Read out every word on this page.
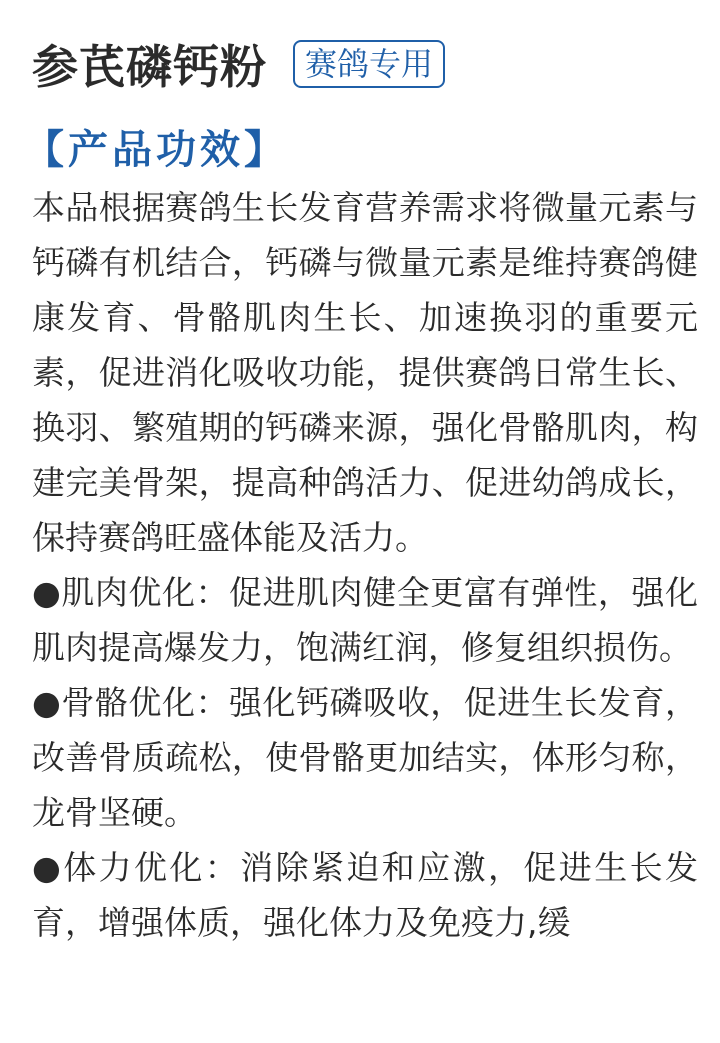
参芪磷钙粉	赛鸽专用
【产品功效】

本品根据赛鸽生长发育营养需求将微量元素与钙磷有机结合，钙磷与微量元素是维持赛鸽健康发育、骨骼肌肉生长、加速换羽的重要元素，促进消化吸收功能，提供赛鸽日常生长、换羽、繁殖期的钙磷来源，强化骨骼肌肉，构建完美骨架，提高种鸽活力、促进幼鸽成长，保持赛鸽旺盛体能及活力。

●肌肉优化：促进肌肉健全更富有弹性，强化肌肉提高爆发力，饱满红润，修复组织损伤。

●骨骼优化：强化钙磷吸收，促进生长发育，改善骨质疏松，使骨骼更加结实，体形匀称，龙骨坚硬。

●体力优化：消除紧迫和应激，促进生长发育，增强体质，强化体力及免疫力,缓
